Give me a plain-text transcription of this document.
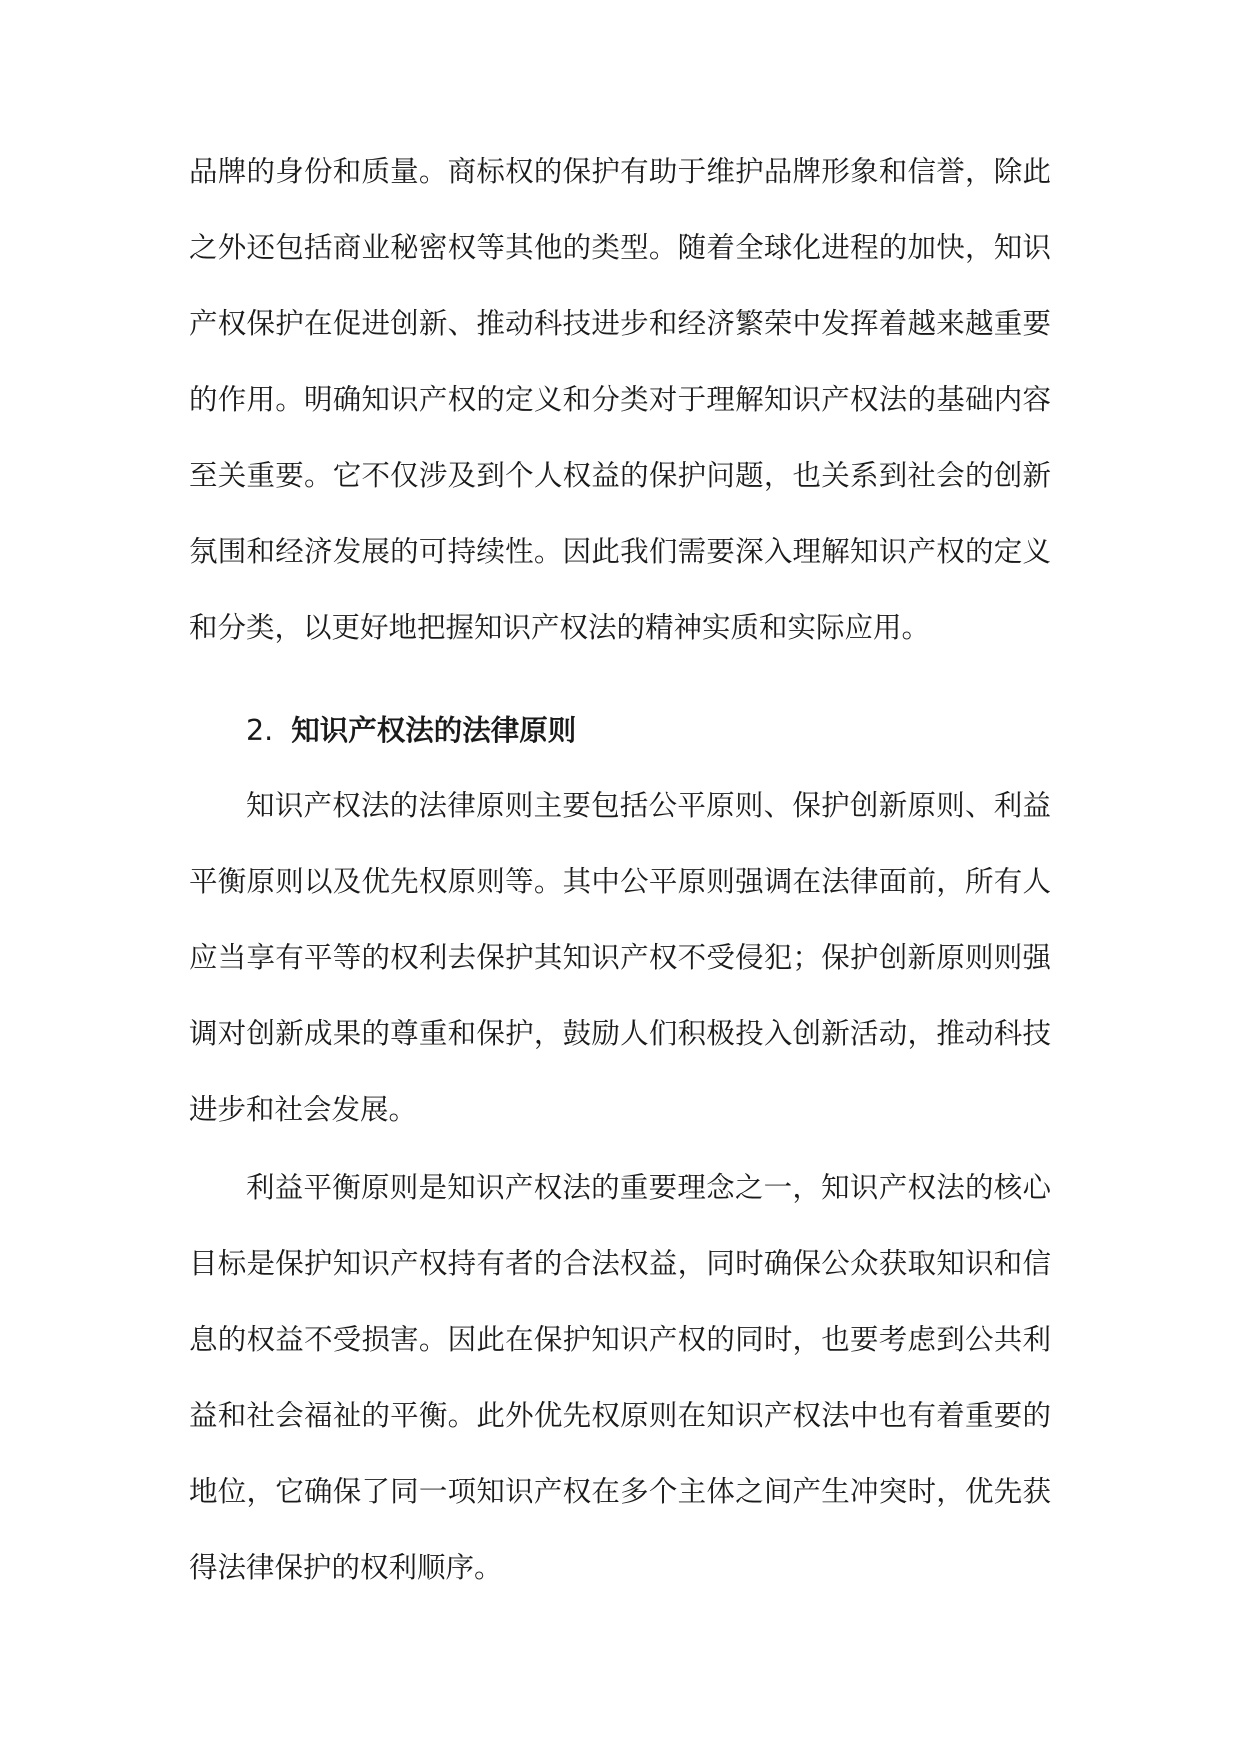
品牌的身份和质量。商标权的保护有助于维护品牌形象和信誉，除此
之外还包括商业秘密权等其他的类型。随着全球化进程的加快，知识
产权保护在促进创新、推动科技进步和经济繁荣中发挥着越来越重要
的作用。明确知识产权的定义和分类对于理解知识产权法的基础内容
至关重要。它不仅涉及到个人权益的保护问题，也关系到社会的创新
氛围和经济发展的可持续性。因此我们需要深入理解知识产权的定义
和分类，以更好地把握知识产权法的精神实质和实际应用。
2. 知识产权法的法律原则
知识产权法的法律原则主要包括公平原则、保护创新原则、利益
平衡原则以及优先权原则等。其中公平原则强调在法律面前，所有人
应当享有平等的权利去保护其知识产权不受侵犯；保护创新原则则强
调对创新成果的尊重和保护，鼓励人们积极投入创新活动，推动科技
进步和社会发展。
利益平衡原则是知识产权法的重要理念之一，知识产权法的核心
目标是保护知识产权持有者的合法权益，同时确保公众获取知识和信
息的权益不受损害。因此在保护知识产权的同时，也要考虑到公共利
益和社会福祉的平衡。此外优先权原则在知识产权法中也有着重要的
地位，它确保了同一项知识产权在多个主体之间产生冲突时，优先获
得法律保护的权利顺序。
